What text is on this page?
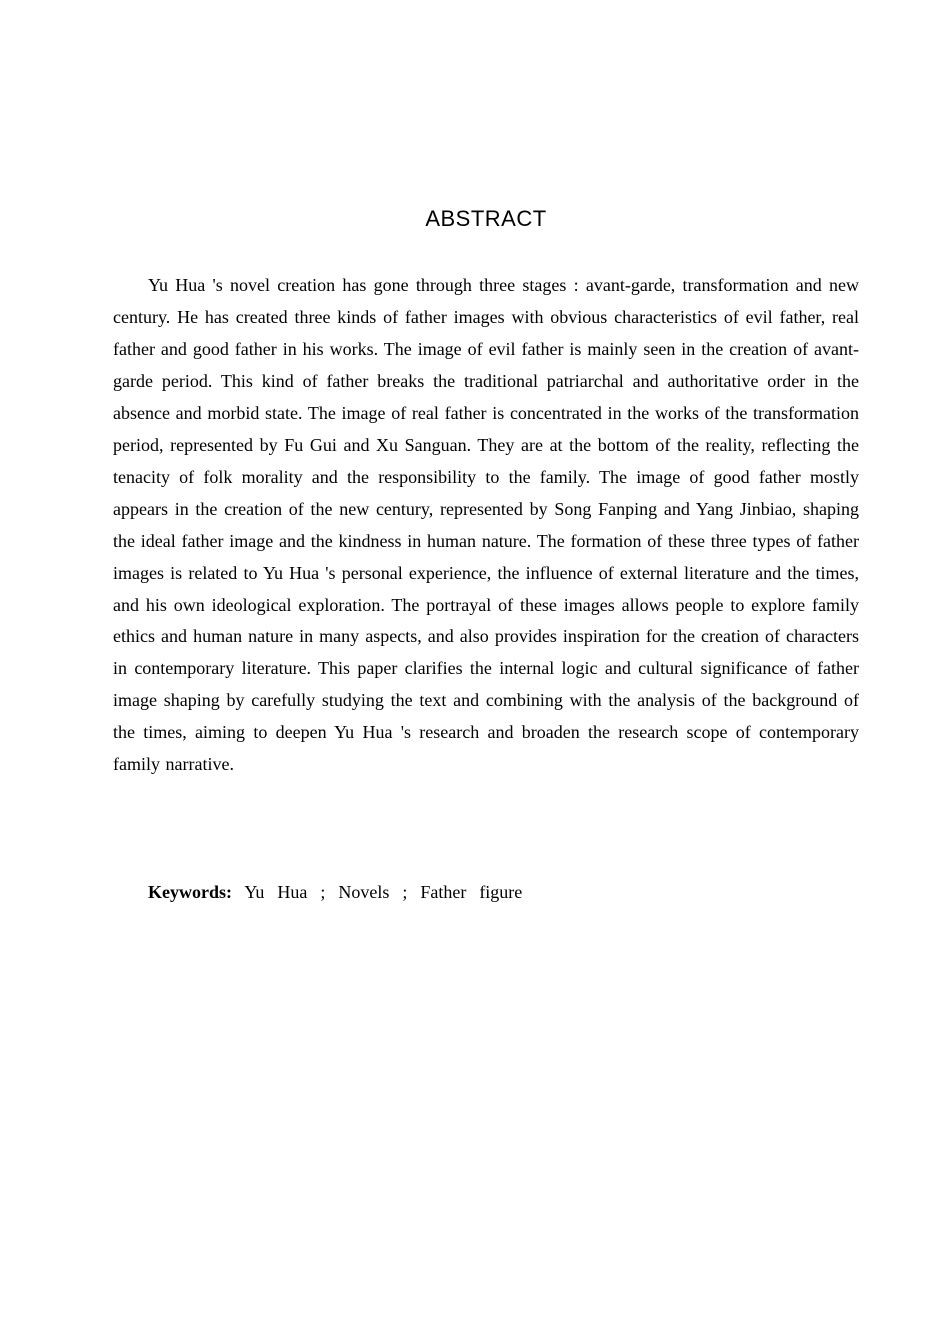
ABSTRACT

Yu Hua 's novel creation has gone through three stages : avant-garde, transformation and new century. He has created three kinds of father images with obvious characteristics of evil father, real father and good father in his works. The image of evil father is mainly seen in the creation of avant-garde period. This kind of father breaks the traditional patriarchal and authoritative order in the absence and morbid state. The image of real father is concentrated in the works of the transformation period, represented by Fu Gui and Xu Sanguan. They are at the bottom of the reality, reflecting the tenacity of folk morality and the responsibility to the family. The image of good father mostly appears in the creation of the new century, represented by Song Fanping and Yang Jinbiao, shaping the ideal father image and the kindness in human nature. The formation of these three types of father images is related to Yu Hua 's personal experience, the influence of external literature and the times, and his own ideological exploration. The portrayal of these images allows people to explore family ethics and human nature in many aspects, and also provides inspiration for the creation of characters in contemporary literature. This paper clarifies the internal logic and cultural significance of father image shaping by carefully studying the text and combining with the analysis of the background of the times, aiming to deepen Yu Hua 's research and broaden the research scope of contemporary family narrative.

Keywords: Yu  Hua  ;  Novels  ;  Father  figure
